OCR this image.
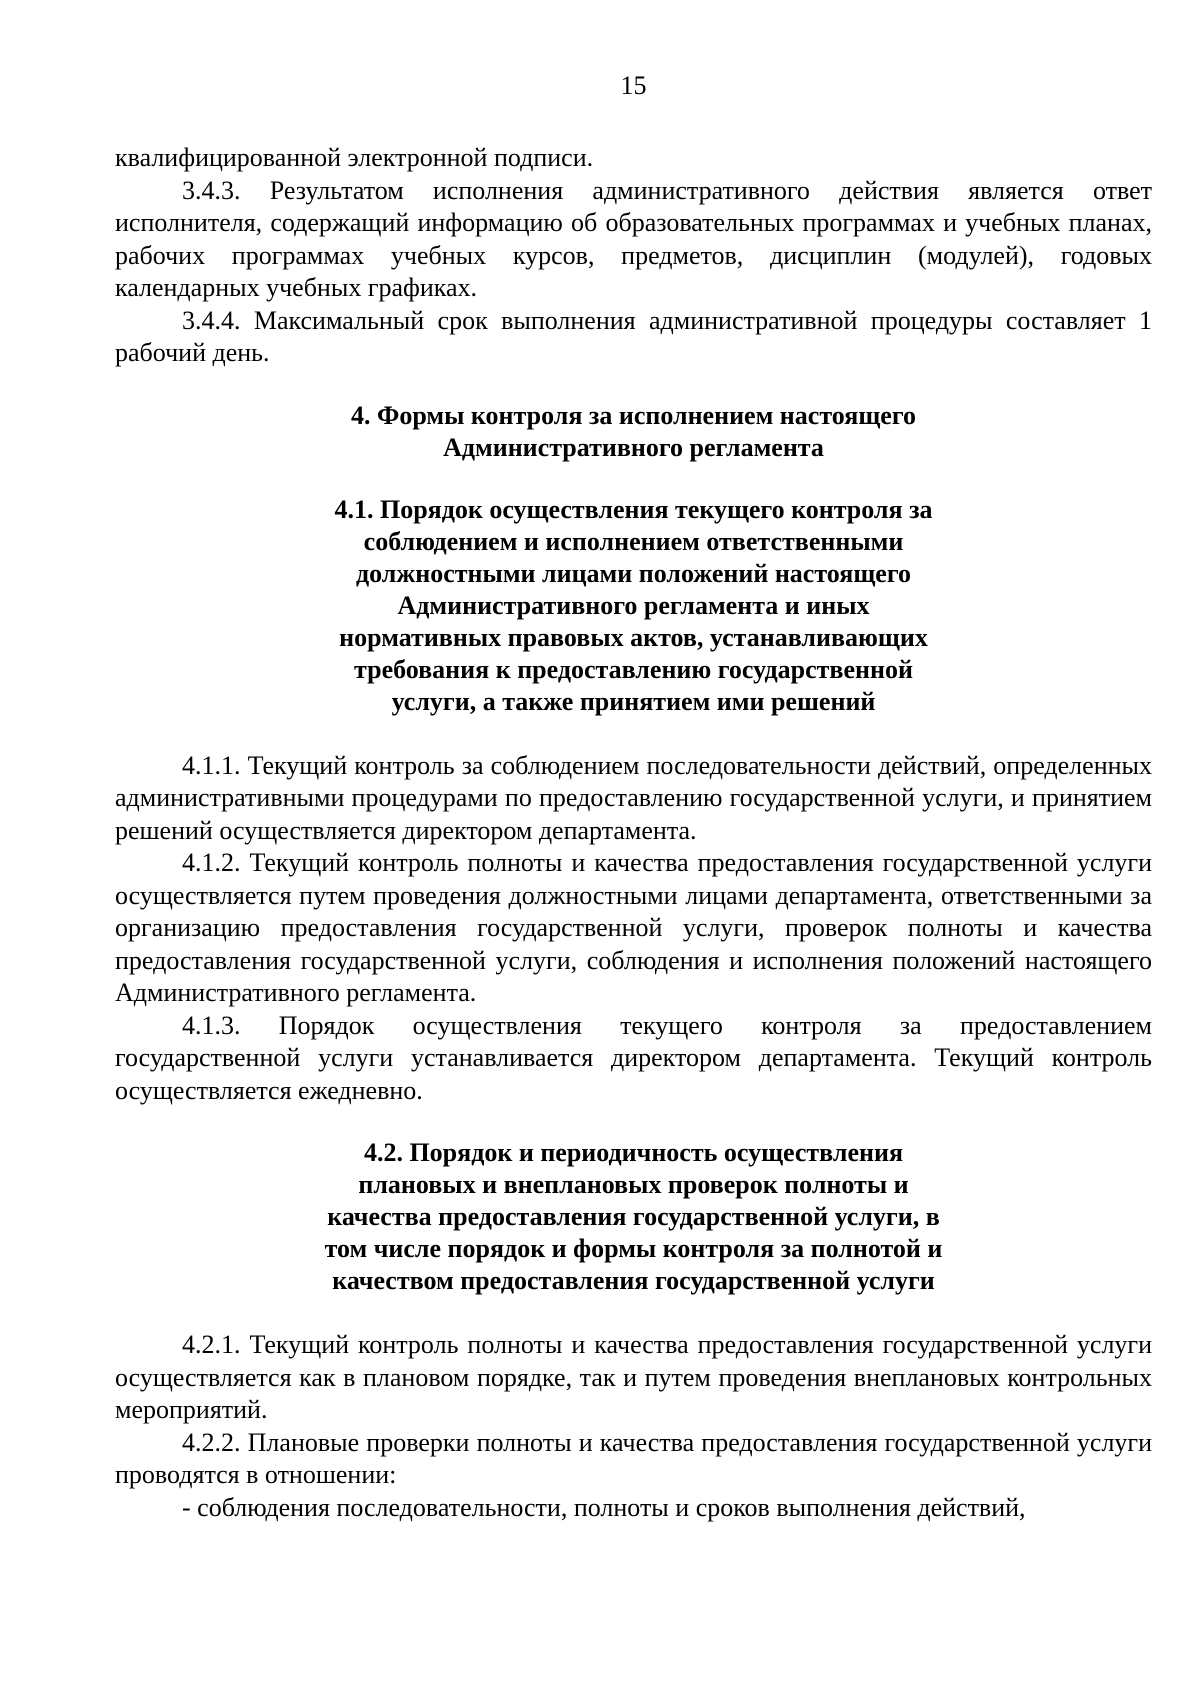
15

квалифицированной электронной подписи.

3.4.3. Результатом исполнения административного действия является ответ исполнителя, содержащий информацию об образовательных программах и учебных планах, рабочих программах учебных курсов, предметов, дисциплин (модулей), годовых календарных учебных графиках.

3.4.4. Максимальный срок выполнения административной процедуры составляет 1 рабочий день.

4. Формы контроля за исполнением настоящего
Административного регламента
4.1. Порядок осуществления текущего контроля за
соблюдением и исполнением ответственными
должностными лицами положений настоящего
Административного регламента и иных
нормативных правовых актов, устанавливающих
требования к предоставлению государственной
услуги, а также принятием ими решений

4.1.1. Текущий контроль за соблюдением последовательности действий, определенных административными процедурами по предоставлению государственной услуги, и принятием решений осуществляется директором департамента.

4.1.2. Текущий контроль полноты и качества предоставления государственной услуги осуществляется путем проведения должностными лицами департамента, ответственными за организацию предоставления государственной услуги, проверок полноты и качества предоставления государственной услуги, соблюдения и исполнения положений настоящего Административного регламента.

4.1.3. Порядок осуществления текущего контроля за предоставлением государственной услуги устанавливается директором департамента. Текущий контроль осуществляется ежедневно.

4.2. Порядок и периодичность осуществления
плановых и внеплановых проверок полноты и
качества предоставления государственной услуги, в
том числе порядок и формы контроля за полнотой и
качеством предоставления государственной услуги

4.2.1. Текущий контроль полноты и качества предоставления государственной услуги осуществляется как в плановом порядке, так и путем проведения внеплановых контрольных мероприятий.

4.2.2. Плановые проверки полноты и качества предоставления государственной услуги проводятся в отношении:

- соблюдения последовательности, полноты и сроков выполнения действий,
